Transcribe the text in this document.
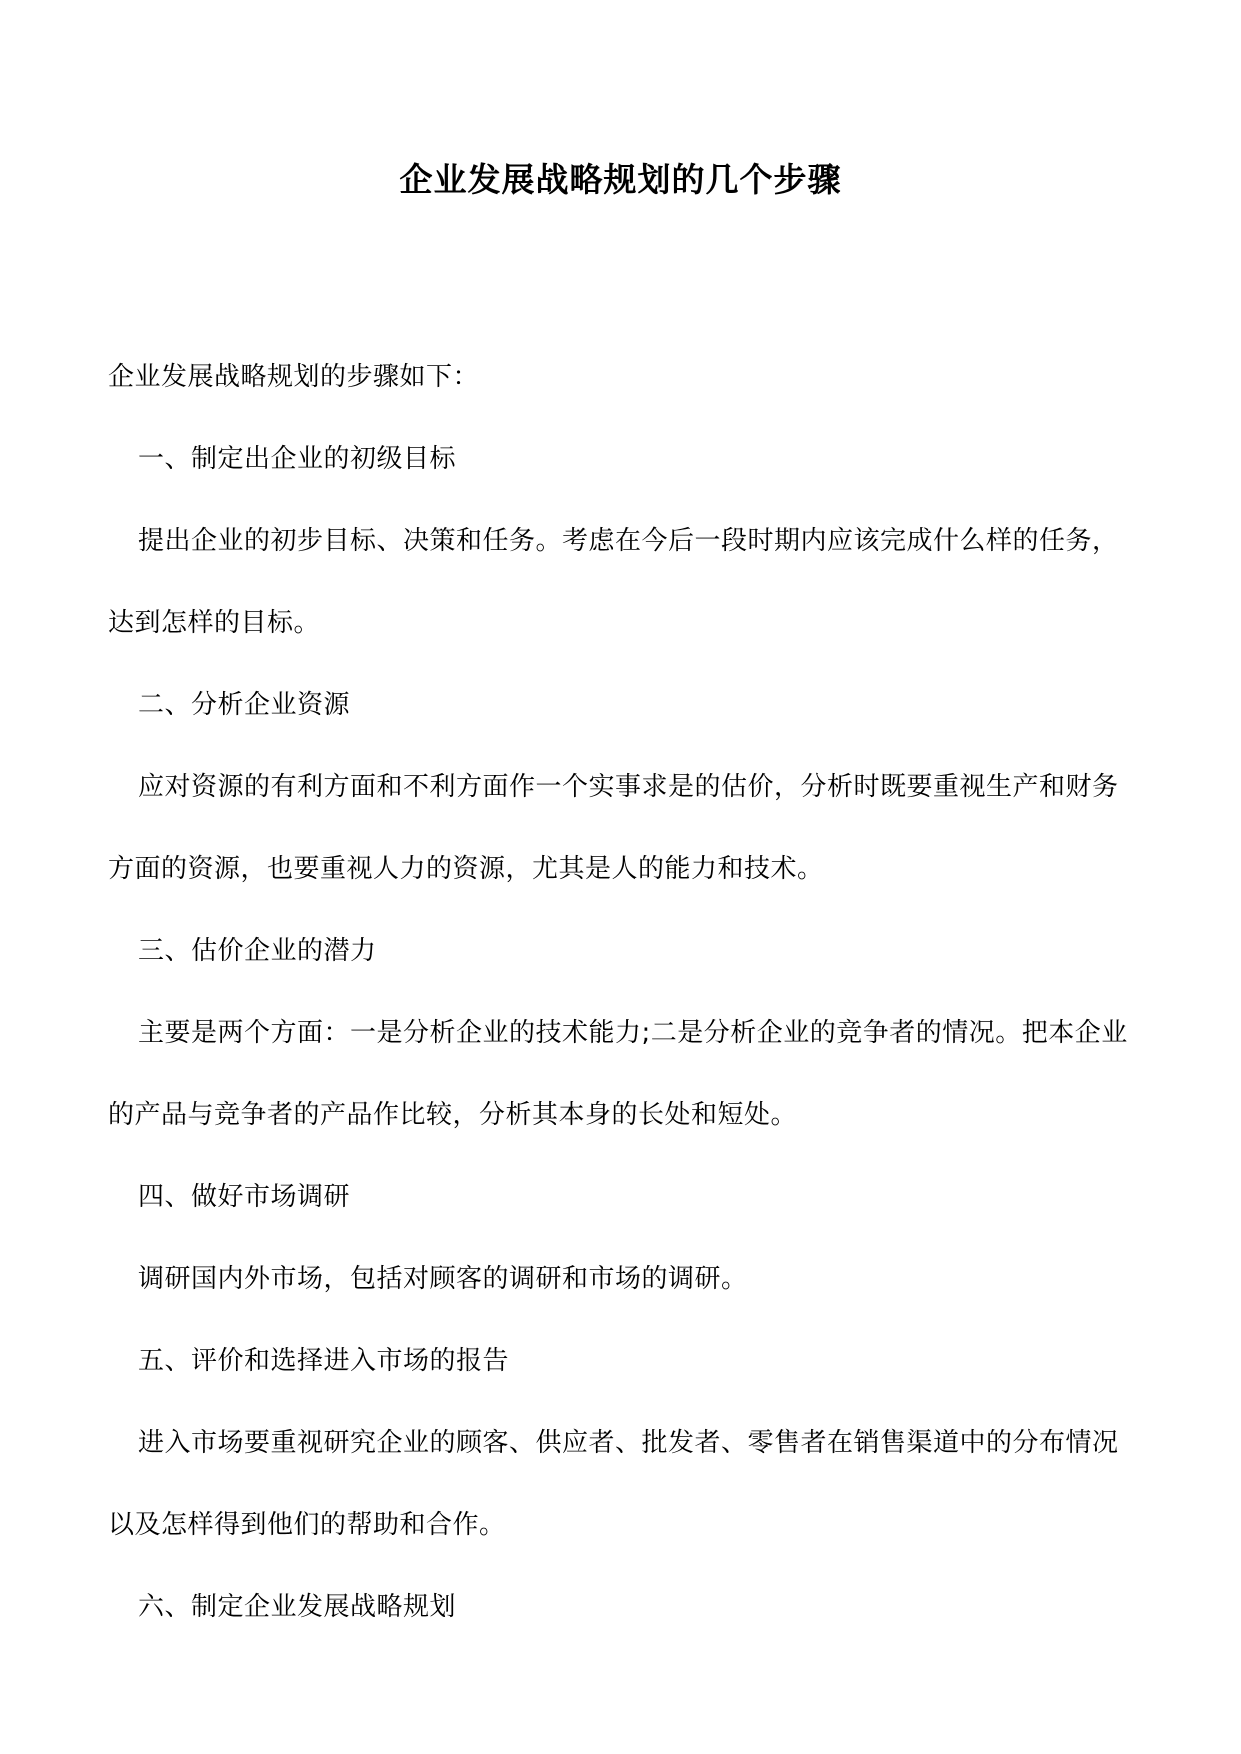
企业发展战略规划的几个步骤

企业发展战略规划的步骤如下：

一、制定出企业的初级目标

提出企业的初步目标、决策和任务。考虑在今后一段时期内应该完成什么样的任务，达到怎样的目标。

二、分析企业资源

应对资源的有利方面和不利方面作一个实事求是的估价，分析时既要重视生产和财务方面的资源，也要重视人力的资源，尤其是人的能力和技术。

三、估价企业的潜力

主要是两个方面：一是分析企业的技术能力;二是分析企业的竞争者的情况。把本企业的产品与竞争者的产品作比较，分析其本身的长处和短处。

四、做好市场调研

调研国内外市场，包括对顾客的调研和市场的调研。

五、评价和选择进入市场的报告

进入市场要重视研究企业的顾客、供应者、批发者、零售者在销售渠道中的分布情况以及怎样得到他们的帮助和合作。

六、制定企业发展战略规划
